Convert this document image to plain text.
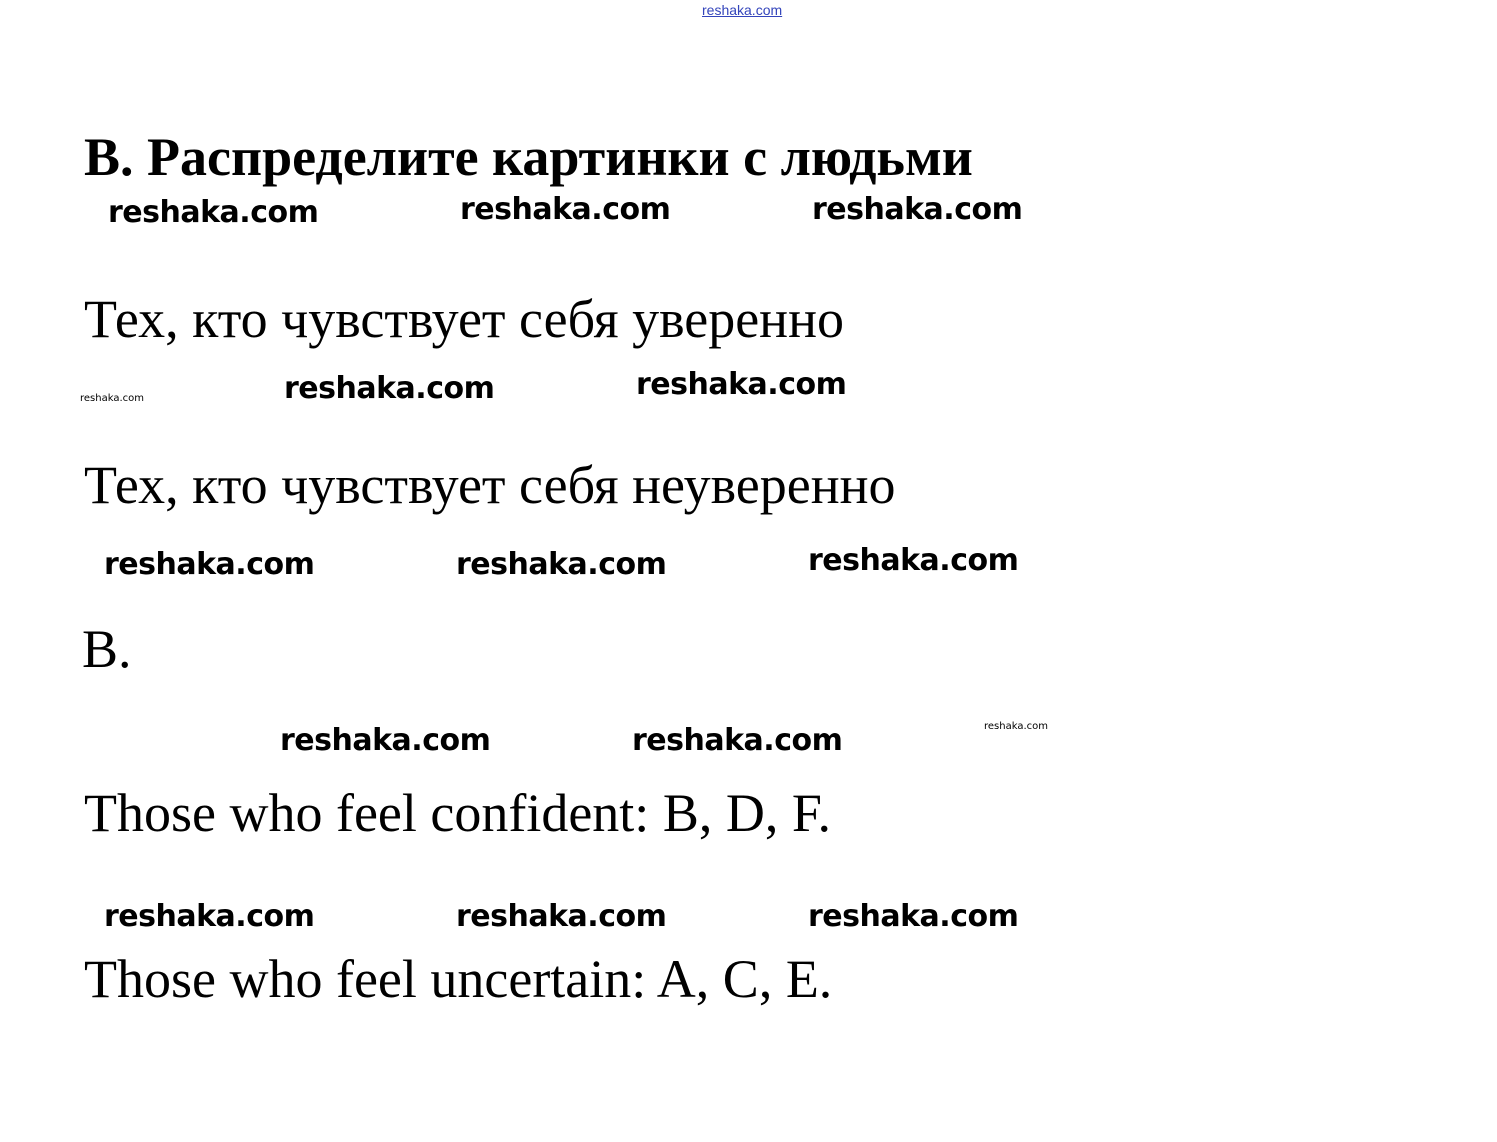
reshaka.com
B. Распределите картинки с людьми
reshaka.com	reshaka.com	reshaka.com
Тех, кто чувствует себя уверенно
reshaka.com	reshaka.com	reshaka.com
Тех, кто чувствует себя неуверенно
reshaka.com	reshaka.com	reshaka.com
B.
reshaka.com	reshaka.com	reshaka.com
Those who feel confident: B, D, F.
reshaka.com	reshaka.com	reshaka.com
Those who feel uncertain: A, C, E.
